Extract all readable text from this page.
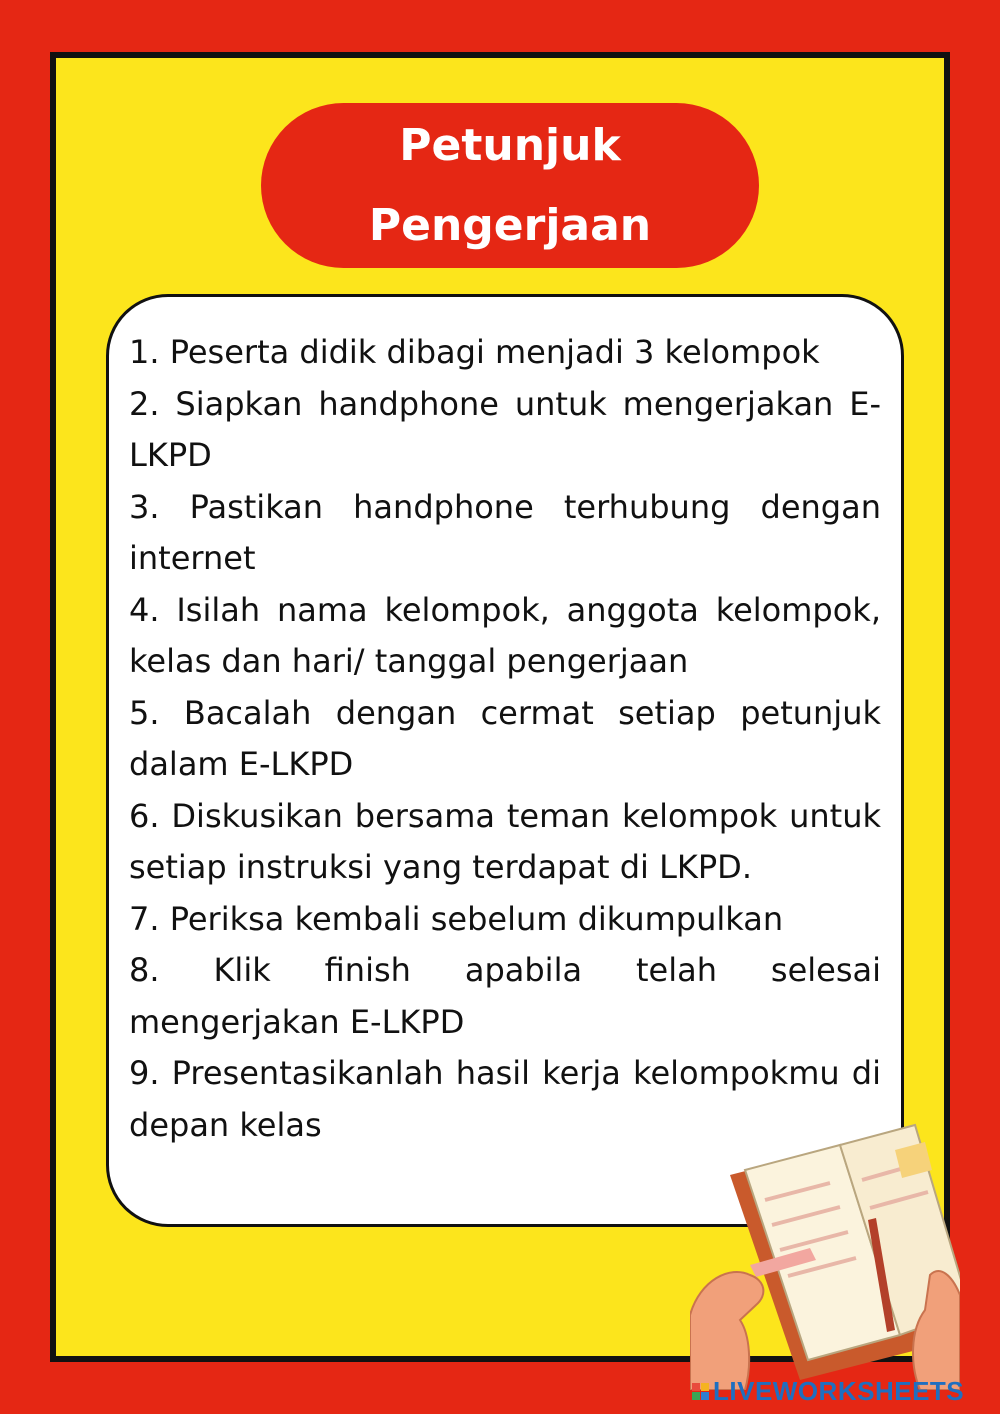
Petunjuk
Pengerjaan

1. Peserta didik dibagi menjadi 3 kelompok

2. Siapkan handphone untuk mengerjakan E-LKPD

3. Pastikan handphone terhubung dengan internet

4. Isilah nama kelompok, anggota kelompok, kelas dan hari/ tanggal pengerjaan

5. Bacalah dengan cermat setiap petunjuk dalam E-LKPD

6. Diskusikan bersama teman kelompok untuk setiap instruksi yang terdapat di LKPD.

7. Periksa kembali sebelum dikumpulkan

8. Klik finish apabila telah selesai mengerjakan E-LKPD

9. Presentasikanlah hasil kerja kelompokmu di depan kelas

LIVEWORKSHEETS
